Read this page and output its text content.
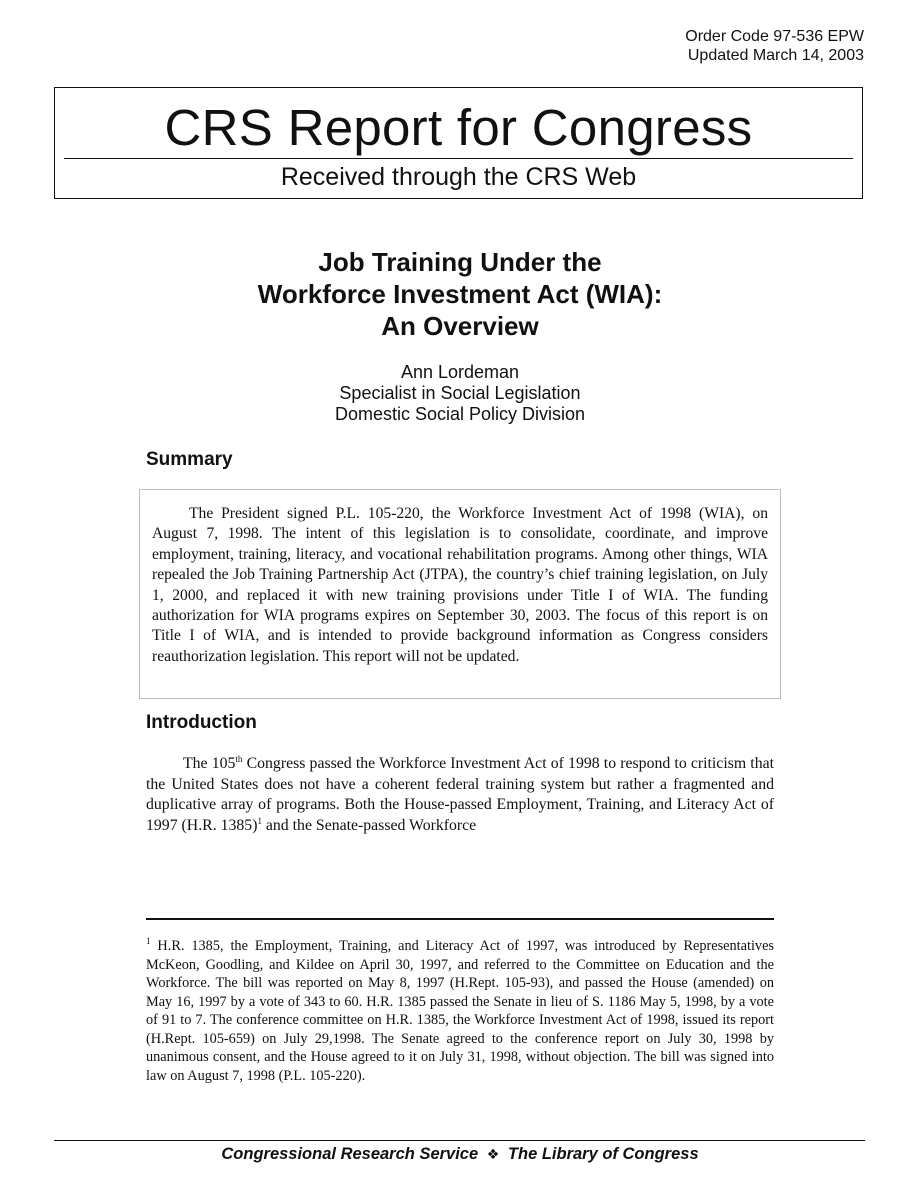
Order Code 97-536 EPW
Updated March 14, 2003
CRS Report for Congress
Received through the CRS Web
Job Training Under the
Workforce Investment Act (WIA):
An Overview
Ann Lordeman
Specialist in Social Legislation
Domestic Social Policy Division
Summary

The President signed P.L. 105-220, the Workforce Investment Act of 1998 (WIA), on August 7, 1998. The intent of this legislation is to consolidate, coordinate, and improve employment, training, literacy, and vocational rehabilitation programs. Among other things, WIA repealed the Job Training Partnership Act (JTPA), the country’s chief training legislation, on July 1, 2000, and replaced it with new training provisions under Title I of WIA. The funding authorization for WIA programs expires on September 30, 2003. The focus of this report is on Title I of WIA, and is intended to provide background information as Congress considers reauthorization legislation. This report will not be updated.

Introduction

The 105th Congress passed the Workforce Investment Act of 1998 to respond to criticism that the United States does not have a coherent federal training system but rather a fragmented and duplicative array of programs. Both the House-passed Employment, Training, and Literacy Act of 1997 (H.R. 1385)$^1$ and the Senate-passed Workforce

$^1$ H.R. 1385, the Employment, Training, and Literacy Act of 1997, was introduced by Representatives McKeon, Goodling, and Kildee on April 30, 1997, and referred to the Committee on Education and the Workforce. The bill was reported on May 8, 1997 (H.Rept. 105-93), and passed the House (amended) on May 16, 1997 by a vote of 343 to 60. H.R. 1385 passed the Senate in lieu of S. 1186 May 5, 1998, by a vote of 91 to 7. The conference committee on H.R. 1385, the Workforce Investment Act of 1998, issued its report (H.Rept. 105-659) on July 29,1998. The Senate agreed to the conference report on July 30, 1998 by unanimous consent, and the House agreed to it on July 31, 1998, without objection. The bill was signed into law on August 7, 1998 (P.L. 105-220).

Congressional Research Service ❖ The Library of Congress
